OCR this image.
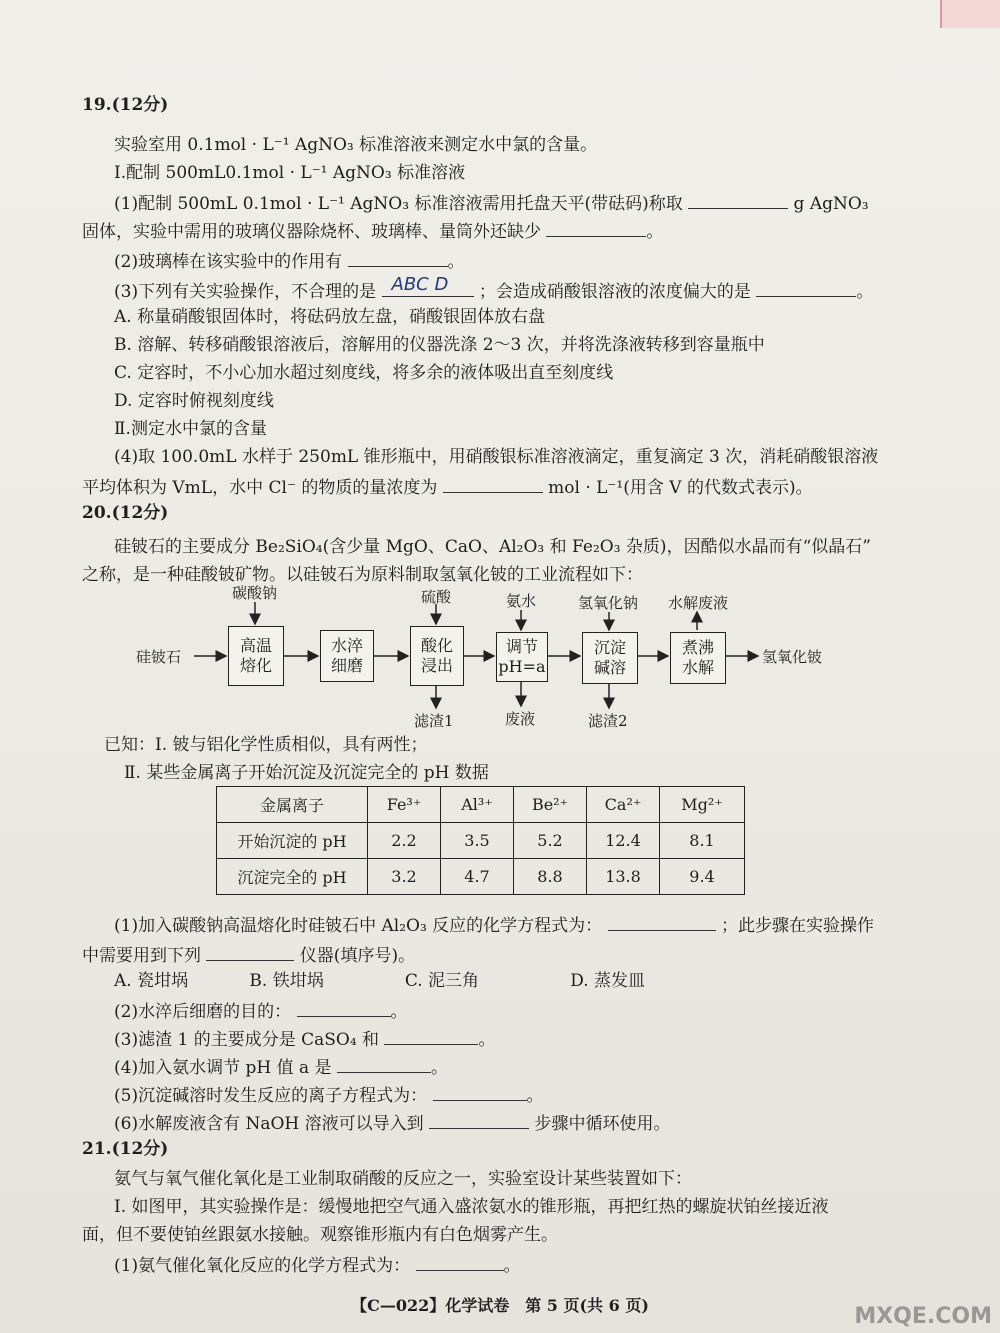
19.(12分)
实验室用 0.1mol · L⁻¹ AgNO₃ 标准溶液来测定水中氯的含量。
Ⅰ.配制 500mL0.1mol · L⁻¹ AgNO₃ 标准溶液
(1)配制 500mL 0.1mol · L⁻¹ AgNO₃ 标准溶液需用托盘天平(带砝码)称取	g AgNO₃
固体，实验中需用的玻璃仪器除烧杯、玻璃棒、量筒外还缺少	。
(2)玻璃棒在该实验中的作用有	。
(3)下列有关实验操作，不合理的是 ABC D ；会造成硝酸银溶液的浓度偏大的是	。
A. 称量硝酸银固体时，将砝码放左盘，硝酸银固体放右盘
B. 溶解、转移硝酸银溶液后，溶解用的仪器洗涤 2～3 次，并将洗涤液转移到容量瓶中
C. 定容时，不小心加水超过刻度线，将多余的液体吸出直至刻度线
D. 定容时俯视刻度线
Ⅱ.测定水中氯的含量
(4)取 100.0mL 水样于 250mL 锥形瓶中，用硝酸银标准溶液滴定，重复滴定 3 次，消耗硝酸银溶液
平均体积为 VmL，水中 Cl⁻ 的物质的量浓度为	mol · L⁻¹(用含 V 的代数式表示)。
20.(12分)
硅铍石的主要成分 Be₂SiO₄(含少量 MgO、CaO、Al₂O₃ 和 Fe₂O₃ 杂质)，因酷似水晶而有“似晶石”
之称，是一种硅酸铍矿物。以硅铍石为原料制取氢氧化铍的工业流程如下：
硅铍石	氢氧化铍
高温
熔化
水淬
细磨
酸化
浸出
调节
pH=a
沉淀
碱溶
煮沸
水解
碳酸钠	硫酸	氨水	氢氧化钠 水解废液
滤渣1	废液	滤渣2
已知：Ⅰ. 铍与铝化学性质相似，具有两性；
Ⅱ. 某些金属离子开始沉淀及沉淀完全的 pH 数据
金属离子	Fe³⁺	Al³⁺	Be²⁺	Ca²⁺	Mg²⁺
开始沉淀的 pH	2.2	3.5	5.2	12.4	8.1
沉淀完全的 pH	3.2	4.7	8.8	13.8	9.4
(1)加入碳酸钠高温熔化时硅铍石中 Al₂O₃ 反应的化学方程式为：	；此步骤在实验操作
中需要用到下列	仪器(填序号)。
A. 瓷坩埚	B. 铁坩埚	C. 泥三角	D. 蒸发皿
(2)水淬后细磨的目的：	。
(3)滤渣 1 的主要成分是 CaSO₄ 和	。
(4)加入氨水调节 pH 值 a 是	。
(5)沉淀碱溶时发生反应的离子方程式为：	。
(6)水解废液含有 NaOH 溶液可以导入到	步骤中循环使用。
21.(12分)
氨气与氧气催化氧化是工业制取硝酸的反应之一，实验室设计某些装置如下：
Ⅰ. 如图甲，其实验操作是：缓慢地把空气通入盛浓氨水的锥形瓶，再把红热的螺旋状铂丝接近液
面，但不要使铂丝跟氨水接触。观察锥形瓶内有白色烟雾产生。
(1)氨气催化氧化反应的化学方程式为：	。
【C—022】化学试卷　第 5 页(共 6 页)	MXQE.COM
